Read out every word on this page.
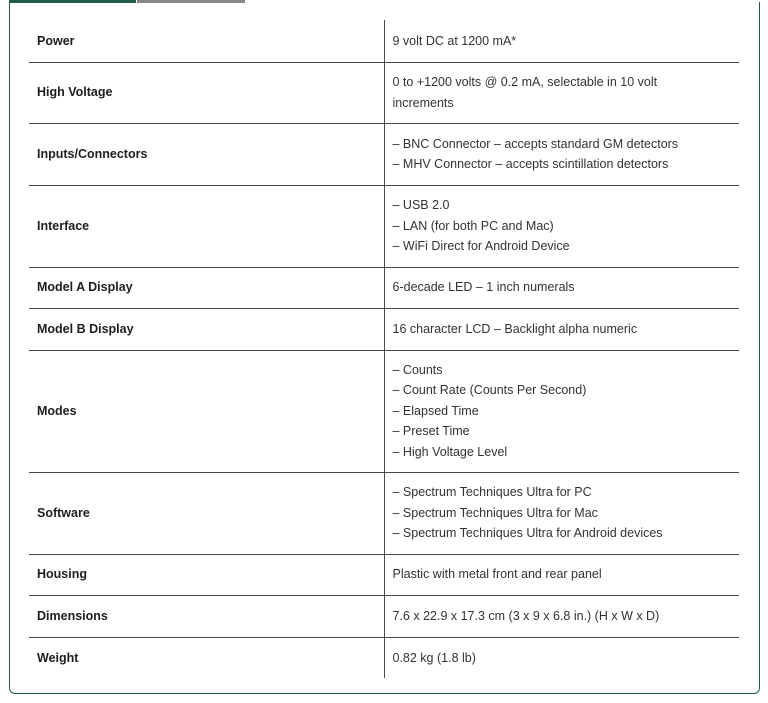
Power	9 volt DC at 1200 mA*

High Voltage	0 to +1200 volts @ 0.2 mA, selectable in 10 volt
increments

Inputs/Connectors	– BNC Connector – accepts standard GM detectors
– MHV Connector – accepts scintillation detectors

Interface	– USB 2.0
– LAN (for both PC and Mac)
– WiFi Direct for Android Device

Model A Display	6-decade LED – 1 inch numerals

Model B Display	16 character LCD – Backlight alpha numeric

Modes	– Counts
– Count Rate (Counts Per Second)
– Elapsed Time
– Preset Time
– High Voltage Level

Software	– Spectrum Techniques Ultra for PC
– Spectrum Techniques Ultra for Mac
– Spectrum Techniques Ultra for Android devices

Housing	Plastic with metal front and rear panel

Dimensions	7.6 x 22.9 x 17.3 cm (3 x 9 x 6.8 in.) (H x W x D)

Weight	0.82 kg (1.8 lb)
